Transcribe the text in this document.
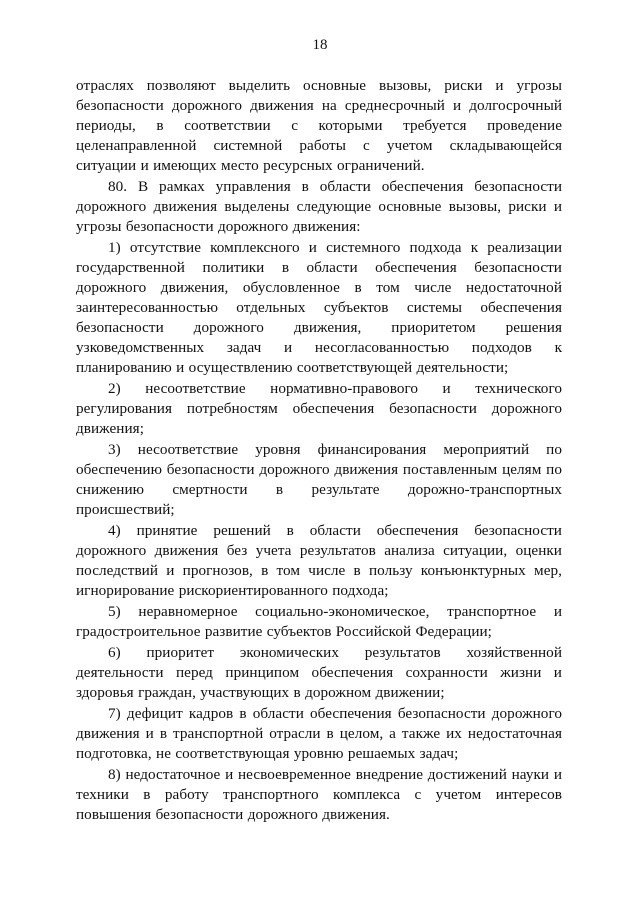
18

отраслях позволяют выделить основные вызовы, риски и угрозы безопасности дорожного движения на среднесрочный и долгосрочный периоды, в соответствии с которыми требуется проведение целенаправленной системной работы с учетом складывающейся ситуации и имеющих место ресурсных ограничений.

80. В рамках управления в области обеспечения безопасности дорожного движения выделены следующие основные вызовы, риски и угрозы безопасности дорожного движения:

1) отсутствие комплексного и системного подхода к реализации государственной политики в области обеспечения безопасности дорожного движения, обусловленное в том числе недостаточной заинтересованностью отдельных субъектов системы обеспечения безопасности дорожного движения, приоритетом решения узковедомственных задач и несогласованностью подходов к планированию и осуществлению соответствующей деятельности;

2) несоответствие нормативно-правового и технического регулирования потребностям обеспечения безопасности дорожного движения;

3) несоответствие уровня финансирования мероприятий по обеспечению безопасности дорожного движения поставленным целям по снижению смертности в результате дорожно-транспортных происшествий;

4) принятие решений в области обеспечения безопасности дорожного движения без учета результатов анализа ситуации, оценки последствий и прогнозов, в том числе в пользу конъюнктурных мер, игнорирование рискориентированного подхода;

5) неравномерное социально-экономическое, транспортное и градостроительное развитие субъектов Российской Федерации;

6) приоритет экономических результатов хозяйственной деятельности перед принципом обеспечения сохранности жизни и здоровья граждан, участвующих в дорожном движении;

7) дефицит кадров в области обеспечения безопасности дорожного движения и в транспортной отрасли в целом, а также их недостаточная подготовка, не соответствующая уровню решаемых задач;

8) недостаточное и несвоевременное внедрение достижений науки и техники в работу транспортного комплекса с учетом интересов повышения безопасности дорожного движения.
